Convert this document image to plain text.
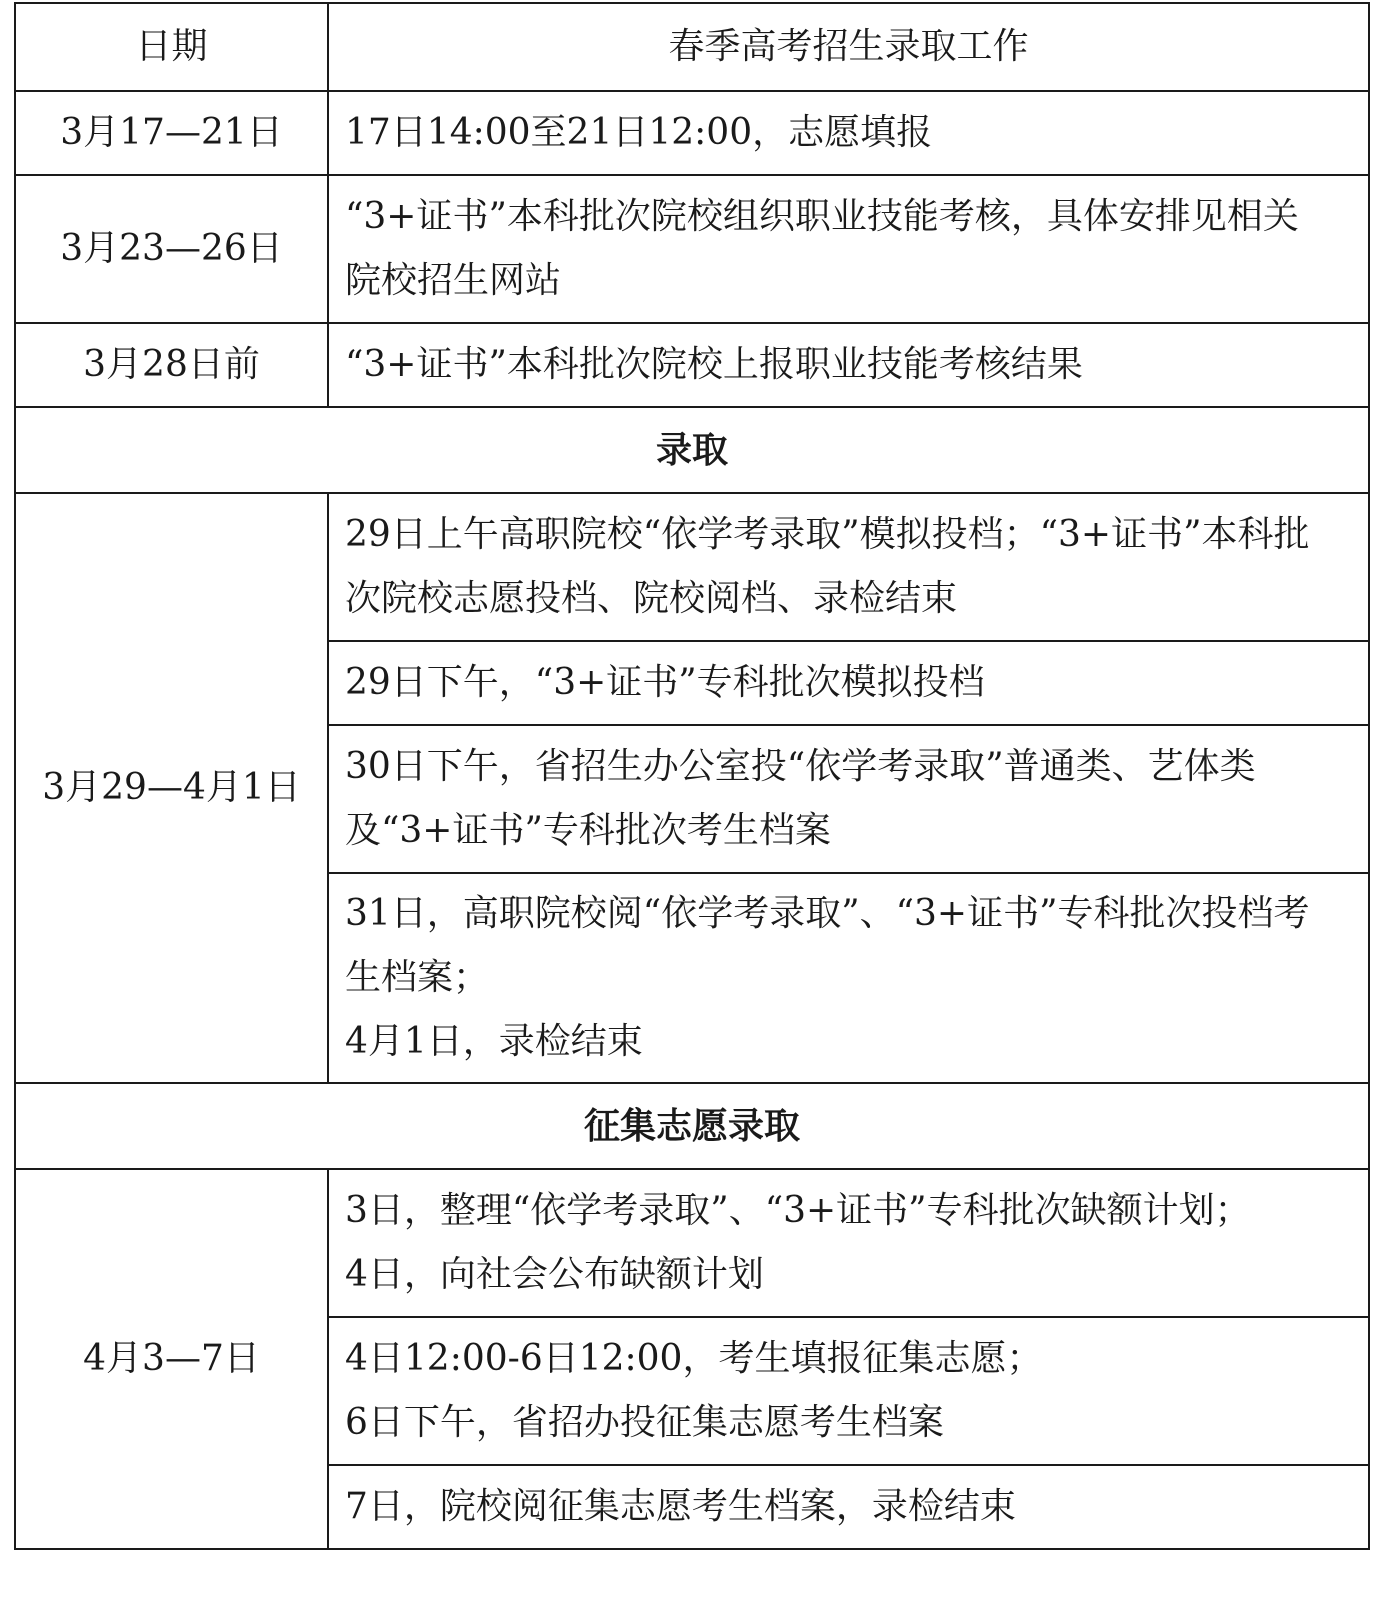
日期	春季高考招生录取工作
3月17—21日	17日14:00至21日12:00，志愿填报

3月23—26日	“3+证书”本科批次院校组织职业技能考核，具体安排见相关
院校招生网站

3月28日前	“3+证书”本科批次院校上报职业技能考核结果

录取	
3月29—4月1日	29日上午高职院校“依学考录取”模拟投档；“3+证书”本科批
次院校志愿投档、院校阅档、录检结束

	29日下午，“3+证书”专科批次模拟投档

	30日下午，省招生办公室投“依学考录取”普通类、艺体类
及“3+证书”专科批次考生档案

	31日，高职院校阅“依学考录取”、“3+证书”专科批次投档考
生档案；
4月1日，录检结束

征集志愿录取	
4月3—7日	3日，整理“依学考录取”、“3+证书”专科批次缺额计划；
4日，向社会公布缺额计划

	4日12:00-6日12:00，考生填报征集志愿；
6日下午，省招办投征集志愿考生档案

	7日，院校阅征集志愿考生档案，录检结束
